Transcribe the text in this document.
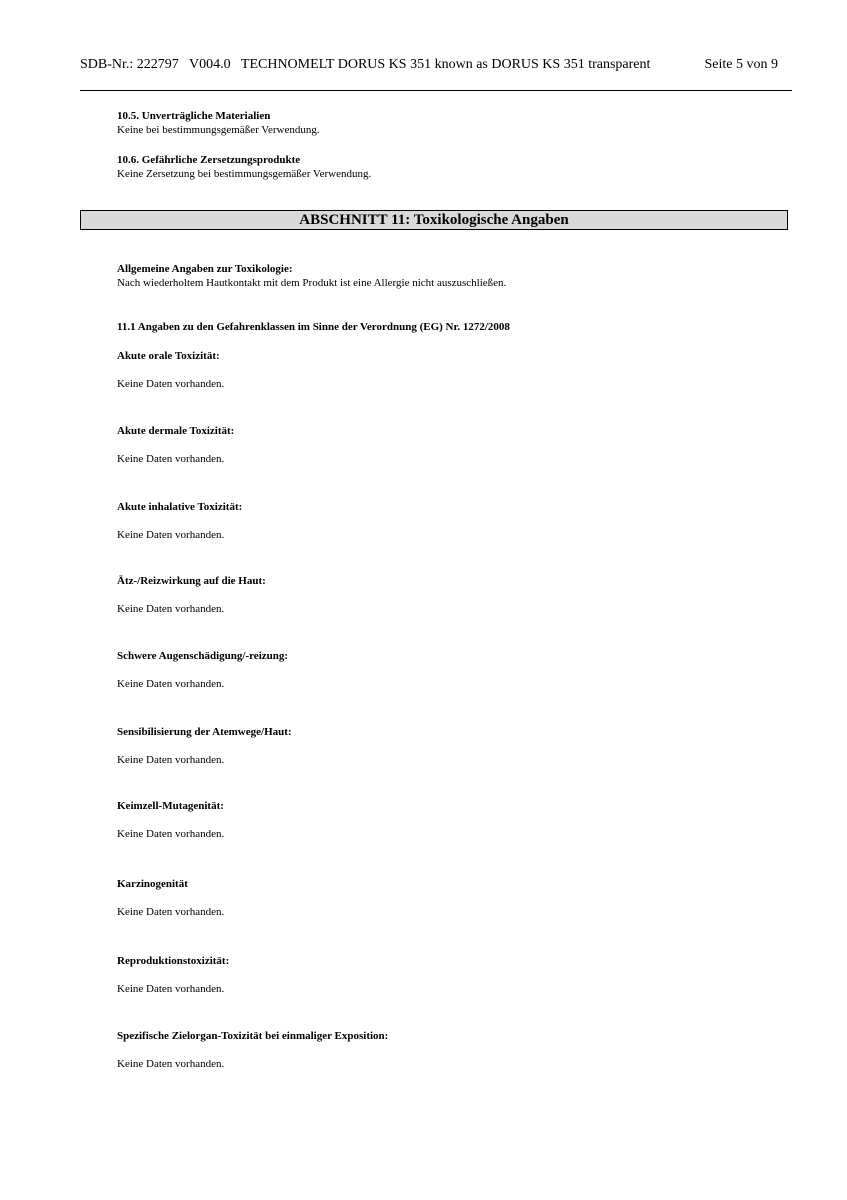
SDB-Nr.: 222797   V004.0   TECHNOMELT DORUS KS 351 known as DORUS KS 351 transparent	Seite 5 von 9
10.5. Unverträgliche Materialien
Keine bei bestimmungsgemäßer Verwendung.
10.6. Gefährliche Zersetzungsprodukte
Keine Zersetzung bei bestimmungsgemäßer Verwendung.
ABSCHNITT 11: Toxikologische Angaben
Allgemeine Angaben zur Toxikologie:
Nach wiederholtem Hautkontakt mit dem Produkt ist eine Allergie nicht auszuschließen.
11.1 Angaben zu den Gefahrenklassen im Sinne der Verordnung (EG) Nr. 1272/2008
Akute orale Toxizität:
Keine Daten vorhanden.
Akute dermale Toxizität:
Keine Daten vorhanden.
Akute inhalative Toxizität:
Keine Daten vorhanden.
Ätz-/Reizwirkung auf die Haut:
Keine Daten vorhanden.
Schwere Augenschädigung/-reizung:
Keine Daten vorhanden.
Sensibilisierung der Atemwege/Haut:
Keine Daten vorhanden.
Keimzell-Mutagenität:
Keine Daten vorhanden.
Karzinogenität
Keine Daten vorhanden.
Reproduktionstoxizität:
Keine Daten vorhanden.
Spezifische Zielorgan-Toxizität bei einmaliger Exposition:
Keine Daten vorhanden.
